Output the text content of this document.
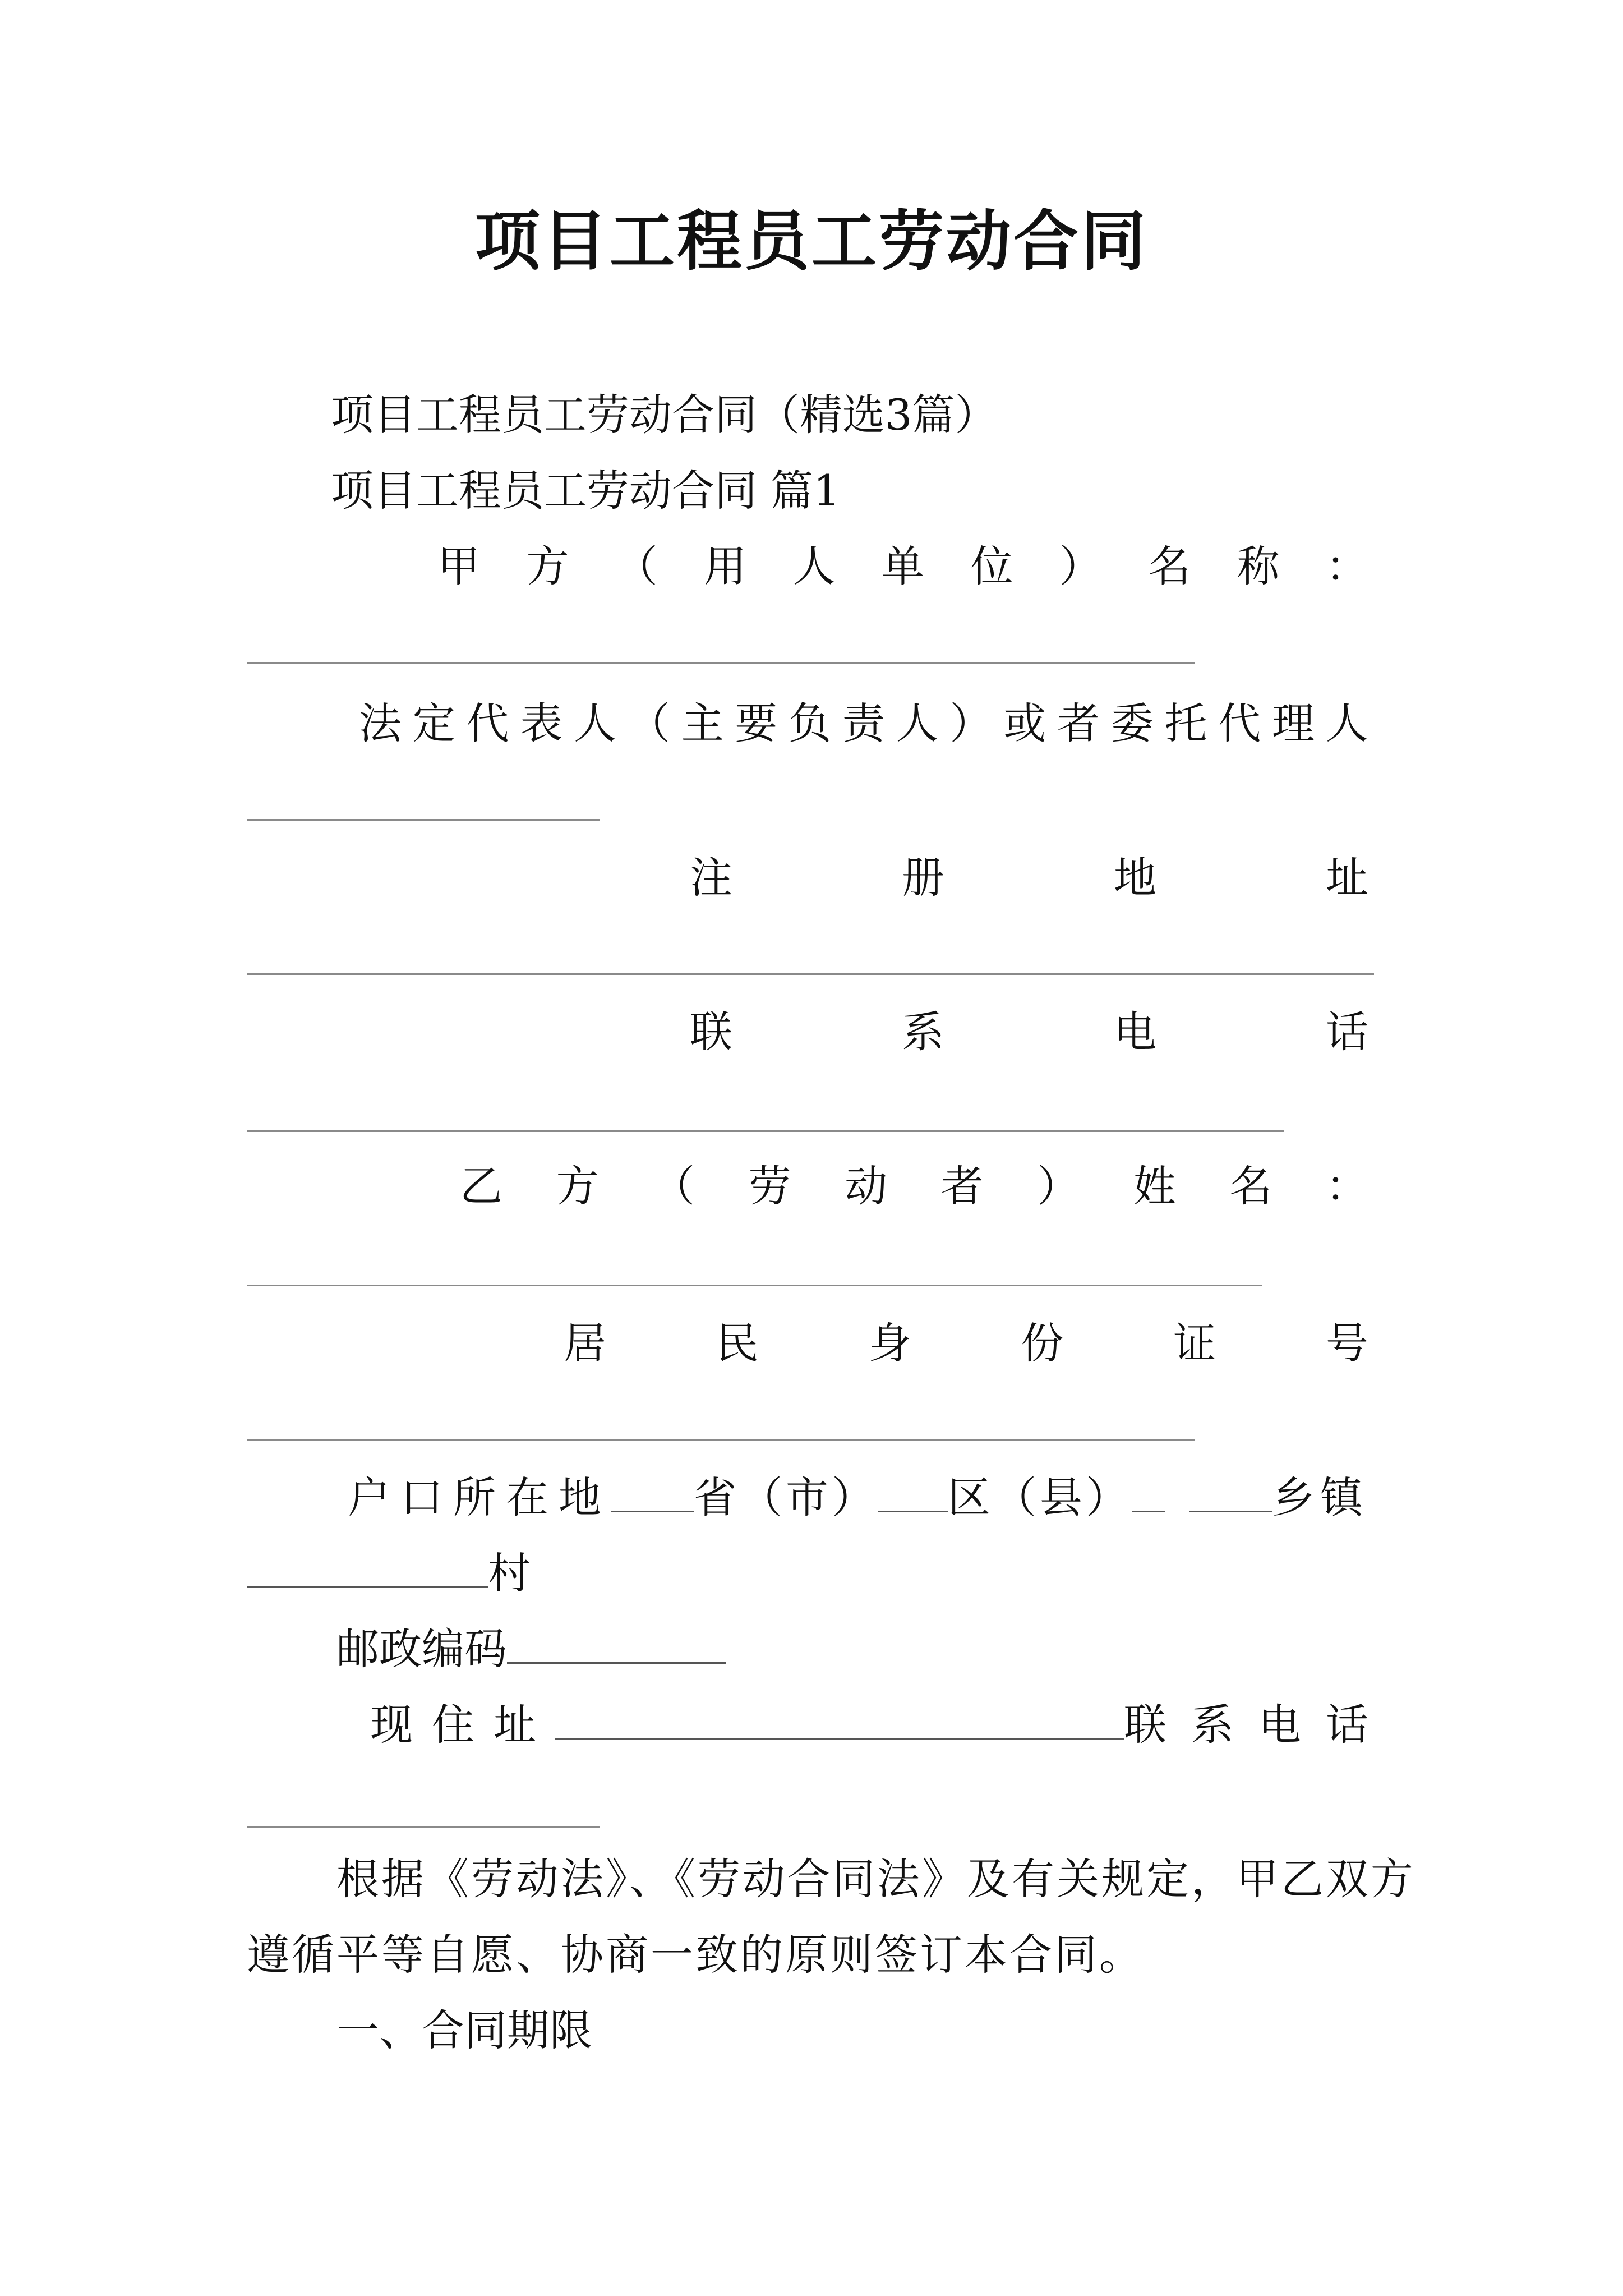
项目工程员工劳动合同
项目工程员工劳动合同（精选3篇）
项目工程员工劳动合同 篇1
甲 方 （ 用 人 单 位 ） 名 称 ：
法 定 代 表 人 （ 主 要 负 责 人 ） 或 者 委 托 代 理 人
注	册	地	址
联	系	电	话
乙 方 （ 劳 动 者 ） 姓 名 ：
居	民	身	份	证	号
户口所在地 省（市） 区（县）	乡镇
村
邮政编码
现住址	联系电话
根据《劳动法》、《劳动合同法》及有关规定，甲乙双方
遵循平等自愿、协商一致的原则签订本合同。
一、合同期限
